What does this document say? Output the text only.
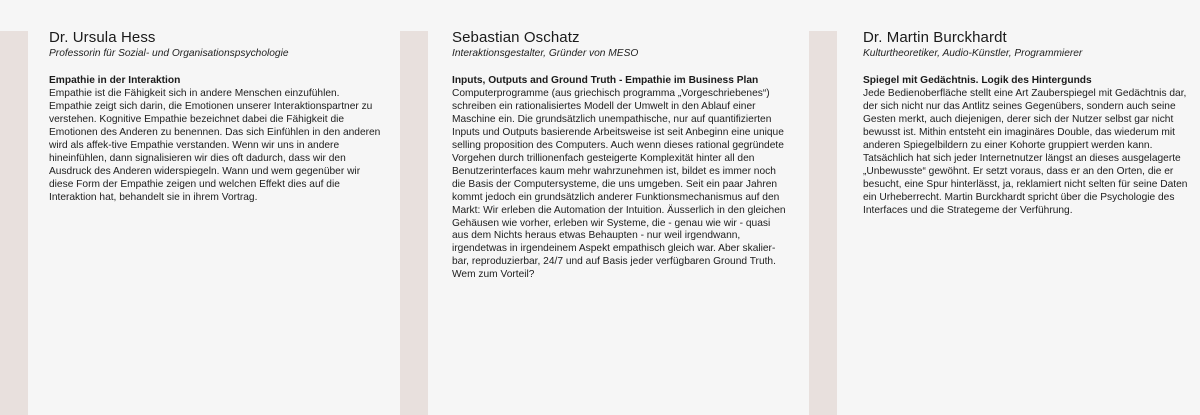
Dr. Ursula Hess

Professorin für Sozial- und Organisationspsychologie

Empathie in der Interaktion

Empathie ist die Fähigkeit sich in andere Menschen einzufühlen. Empathie zeigt sich darin, die Emotionen unserer Interaktionspartner zu verstehen. Kognitive Empathie bezeichnet dabei die Fähigkeit die Emotionen des Anderen zu benennen. Das sich Einfühlen in den anderen wird als affek-tive Empathie verstanden. Wenn wir uns in andere hineinfühlen, dann signalisieren wir dies oft dadurch, dass wir den Ausdruck des Anderen widerspiegeln. Wann und wem gegenüber wir diese Form der Empathie zeigen und welchen Effekt dies auf die Interaktion hat, behandelt sie in ihrem Vortrag.

Sebastian Oschatz

Interaktionsgestalter, Gründer von MESO

Inputs, Outputs and Ground Truth - Empathie im Business Plan

Computerprogramme (aus griechisch programma „Vorgeschriebenes“) schreiben ein rationalisiertes Modell der Umwelt in den Ablauf einer Maschine ein. Die grundsätzlich unempathische, nur auf quantifizierten Inputs und Outputs basierende Arbeitsweise ist seit Anbeginn eine unique selling proposition des Computers. Auch wenn dieses rational gegründete Vorgehen durch trillionenfach gesteigerte Komplexität hinter all den Benutzerinterfaces kaum mehr wahrzunehmen ist, bildet es immer noch die Basis der Computersysteme, die uns umgeben. Seit ein paar Jahren kommt jedoch ein grundsätzlich anderer Funktionsmechanismus auf den Markt: Wir erleben die Automation der Intuition. Äusserlich in den gleichen Gehäusen wie vorher, erleben wir Systeme, die - genau wie wir - quasi aus dem Nichts heraus etwas Behaupten - nur weil irgendwann, irgendetwas in irgendeinem Aspekt empathisch gleich war. Aber skalier-bar, reproduzierbar, 24/7 und auf Basis jeder verfügbaren Ground Truth. Wem zum Vorteil?

Dr. Martin Burckhardt

Kulturtheoretiker, Audio-Künstler, Programmierer

Spiegel mit Gedächtnis. Logik des Hintergunds

Jede Bedienoberfläche stellt eine Art Zauberspiegel mit Gedächtnis dar, der sich nicht nur das Antlitz seines Gegenübers, sondern auch seine Gesten merkt, auch diejenigen, derer sich der Nutzer selbst gar nicht bewusst ist. Mithin entsteht ein imaginäres Double, das wiederum mit anderen Spiegelbildern zu einer Kohorte gruppiert werden kann. Tatsächlich hat sich jeder Internetnutzer längst an dieses ausgelagerte „Unbewusste“ gewöhnt. Er setzt voraus, dass er an den Orten, die er besucht, eine Spur hinterlässt, ja, reklamiert nicht selten für seine Daten ein Urheberrecht. Martin Burckhardt spricht über die Psychologie des Interfaces und die Strategeme der Verführung.
